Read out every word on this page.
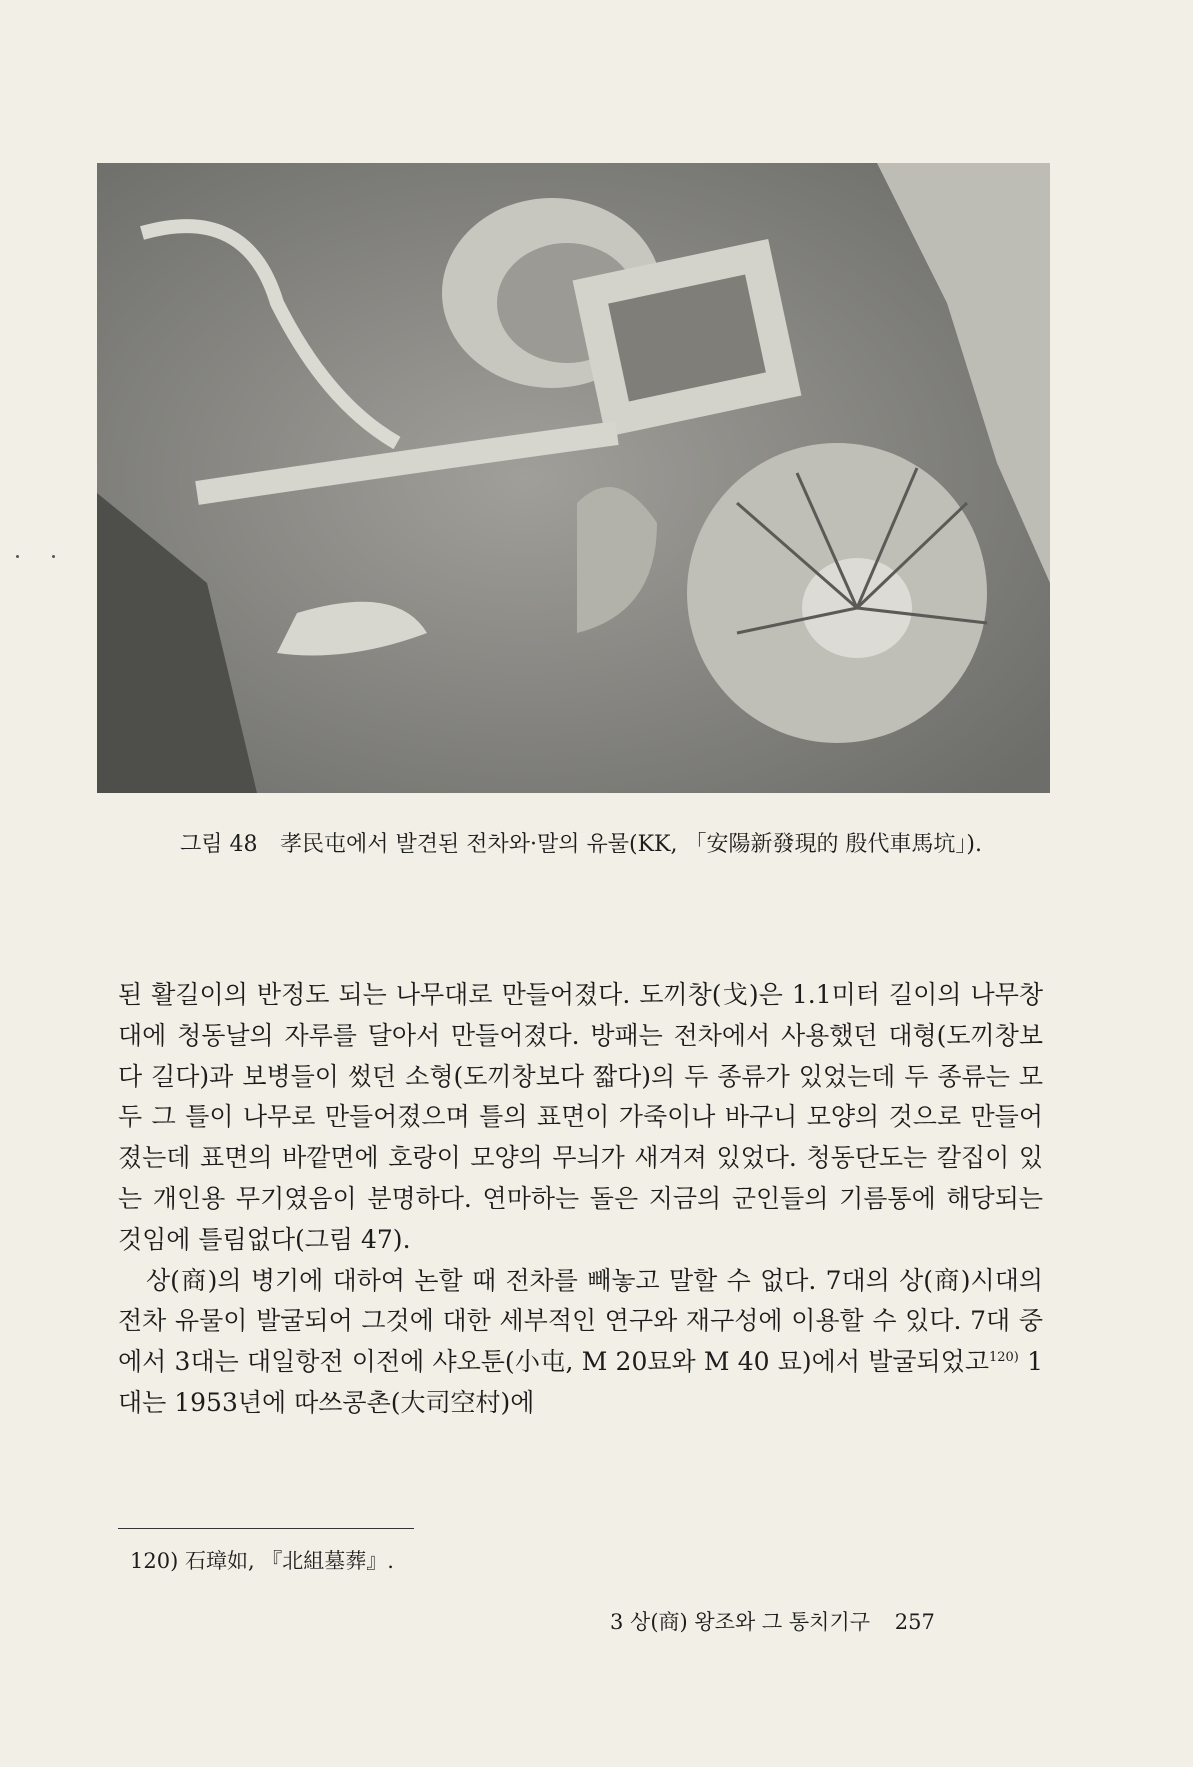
그림 48	孝民屯에서 발견된 전차와·말의 유물(KK, 「安陽新發現的 殷代車馬坑」).

된 활길이의 반정도 되는 나무대로 만들어졌다. 도끼창(戈)은 1.1미터 길이의 나무창대에 청동날의 자루를 달아서 만들어졌다. 방패는 전차에서 사용했던 대형(도끼창보다 길다)과 보병들이 썼던 소형(도끼창보다 짧다)의 두 종류가 있었는데 두 종류는 모두 그 틀이 나무로 만들어졌으며 틀의 표면이 가죽이나 바구니 모양의 것으로 만들어졌는데 표면의 바깥면에 호랑이 모양의 무늬가 새겨져 있었다. 청동단도는 칼집이 있는 개인용 무기였음이 분명하다. 연마하는 돌은 지금의 군인들의 기름통에 해당되는 것임에 틀림없다(그림 47).

상(商)의 병기에 대하여 논할 때 전차를 빼놓고 말할 수 없다. 7대의 상(商)시대의 전차 유물이 발굴되어 그것에 대한 세부적인 연구와 재구성에 이용할 수 있다. 7대 중에서 3대는 대일항전 이전에 샤오툰(小屯, M 20묘와 M 40 묘)에서 발굴되었고$^{120)}$ 1대는 1953년에 따쓰콩촌(大司空村)에

120) 石璋如, 『北組墓葬』.
3 상(商) 왕조와 그 통치기구 257
